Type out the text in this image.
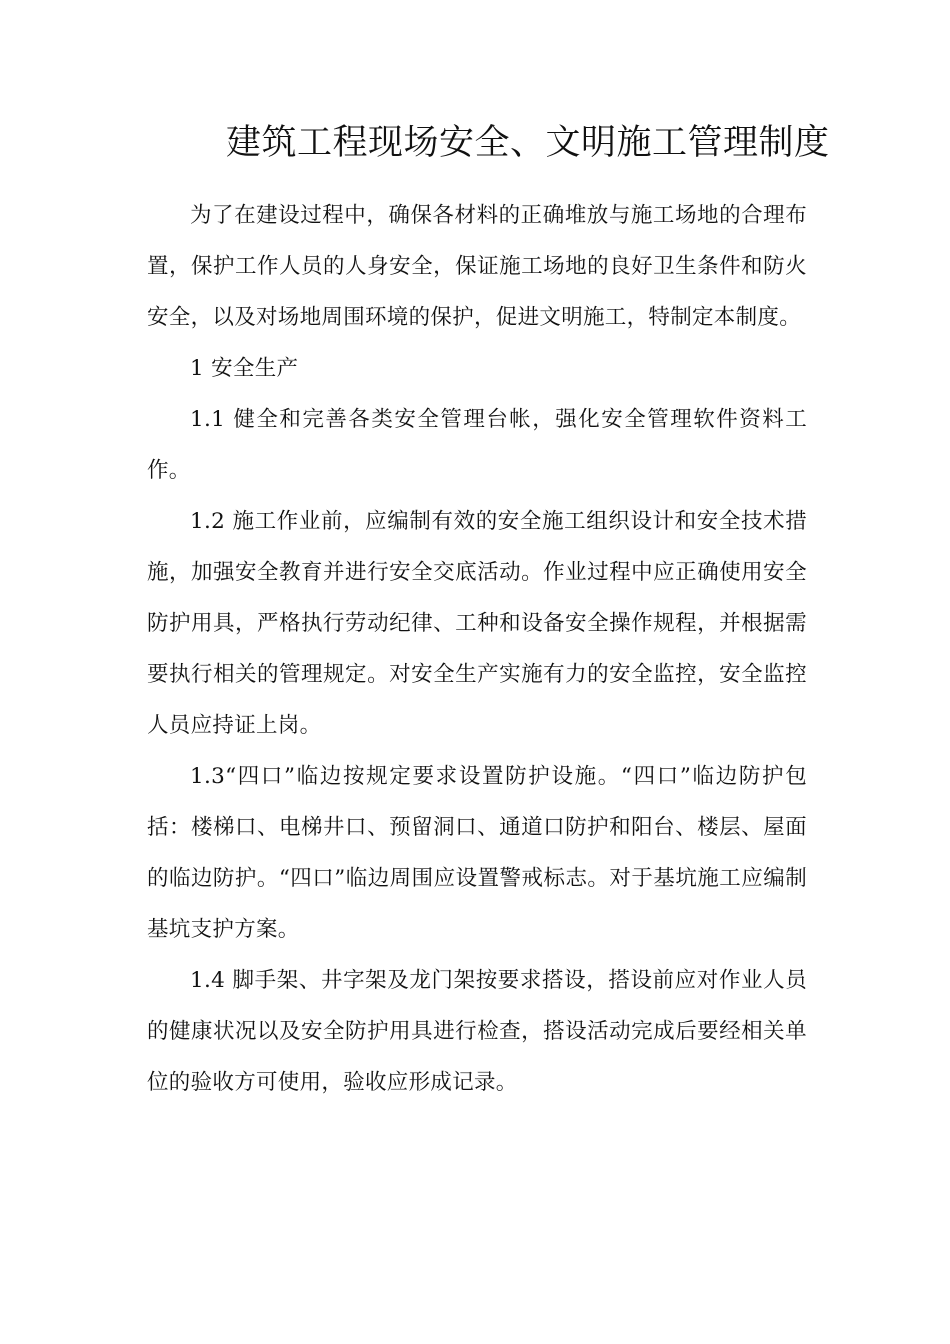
建筑工程现场安全、文明施工管理制度

为了在建设过程中，确保各材料的正确堆放与施工场地的合理布置，保护工作人员的人身安全，保证施工场地的良好卫生条件和防火安全，以及对场地周围环境的保护，促进文明施工，特制定本制度。

1 安全生产

1.1 健全和完善各类安全管理台帐，强化安全管理软件资料工作。

1.2 施工作业前，应编制有效的安全施工组织设计和安全技术措施，加强安全教育并进行安全交底活动。作业过程中应正确使用安全防护用具，严格执行劳动纪律、工种和设备安全操作规程，并根据需要执行相关的管理规定。对安全生产实施有力的安全监控，安全监控人员应持证上岗。

1.3“四口”临边按规定要求设置防护设施。“四口”临边防护包括：楼梯口、电梯井口、预留洞口、通道口防护和阳台、楼层、屋面的临边防护。“四口”临边周围应设置警戒标志。对于基坑施工应编制基坑支护方案。

1.4 脚手架、井字架及龙门架按要求搭设，搭设前应对作业人员的健康状况以及安全防护用具进行检查，搭设活动完成后要经相关单位的验收方可使用，验收应形成记录。
